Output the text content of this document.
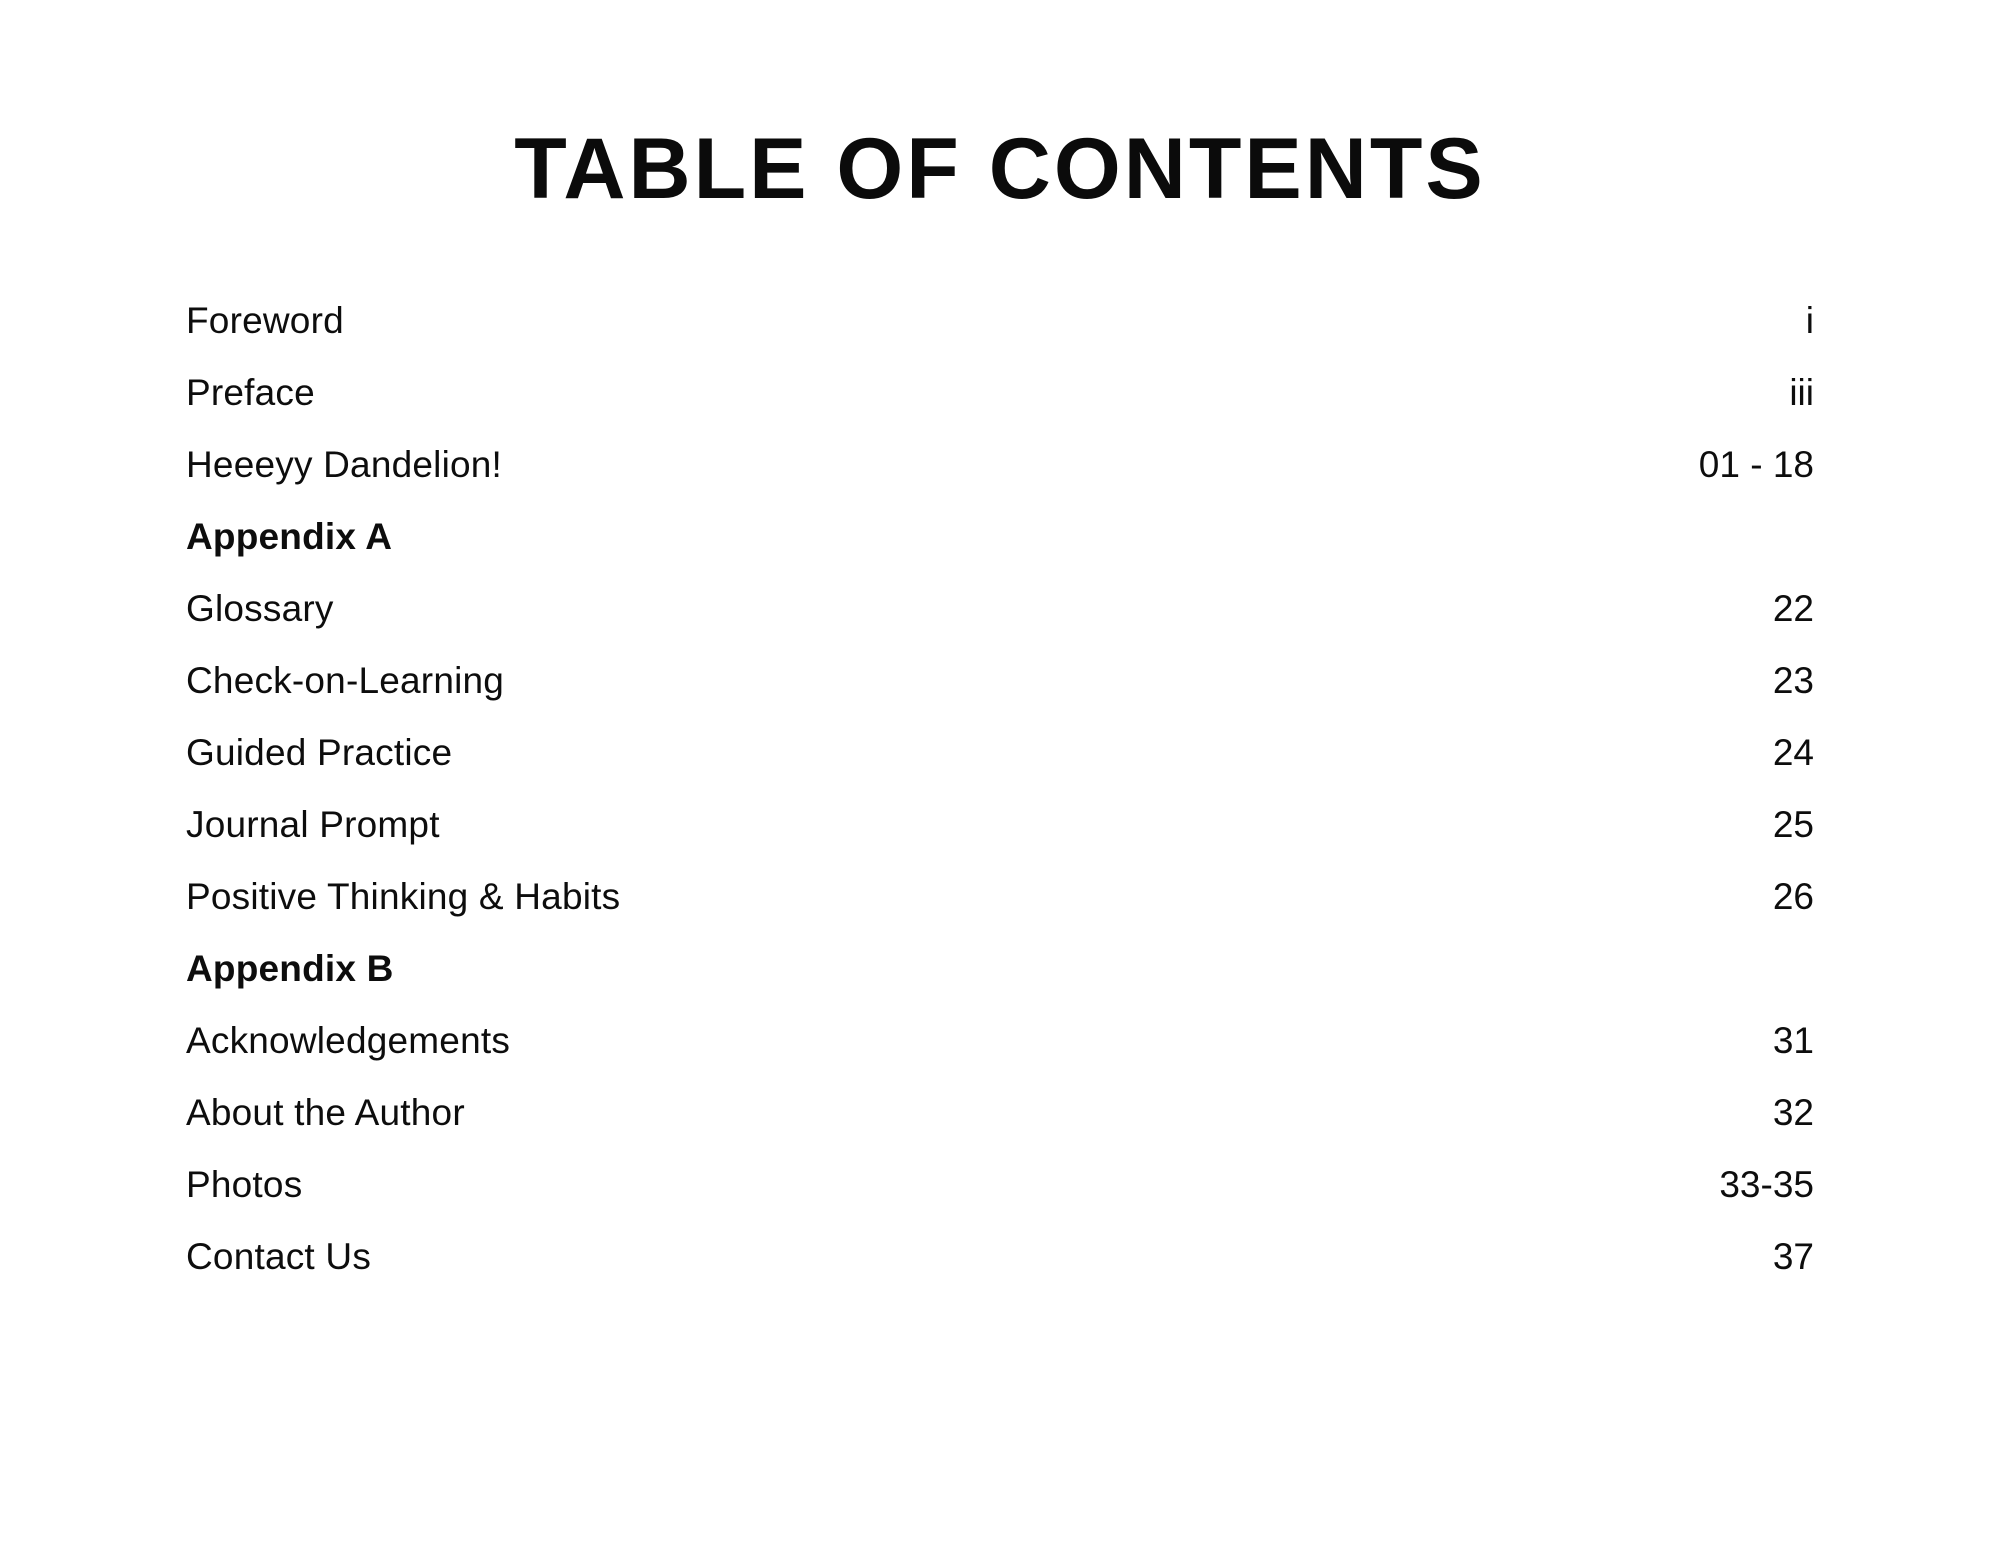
TABLE OF CONTENTS
Foreword .....	i
Preface .....	iii
Heeeyy Dandelion! .....	01 - 18
Appendix A
Glossary .....	22
Check-on-Learning .....	23
Guided Practice .....	24
Journal Prompt .....	25
Positive Thinking & Habits .....	26
Appendix B
Acknowledgements .....	31
About the Author .....	32
Photos .....	33-35
Contact Us .....	37
